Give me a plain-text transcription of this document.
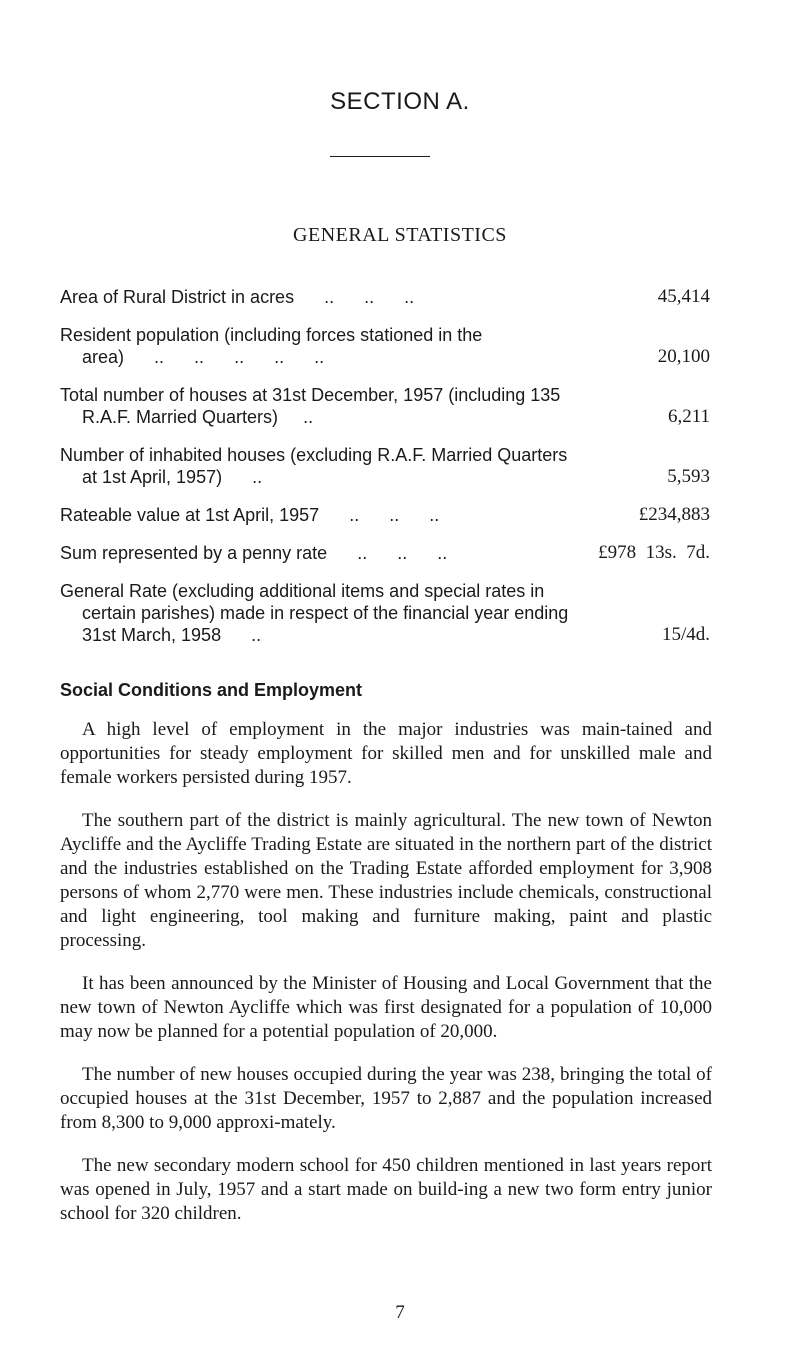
SECTION A.
GENERAL STATISTICS
Area of Rural District in acres ..      ..      ..	45,414
Resident population (including forces stationed in the area) ..      ..      ..      ..      ..	20,100
Total number of houses at 31st December, 1957 (including 135 R.A.F. Married Quarters) ..	6,211
Number of inhabited houses (excluding R.A.F. Married Quarters at 1st April, 1957) ..	5,593
Rateable value at 1st April, 1957 ..      ..      ..	£234,883
Sum represented by a penny rate ..      ..      ..	£978  13s.  7d.
General Rate (excluding additional items and special rates in certain parishes) made in respect of the financial year ending 31st March, 1958 ..	15/4d.

Social Conditions and Employment

A high level of employment in the major industries was main-tained and opportunities for steady employment for skilled men and for unskilled male and female workers persisted during 1957.

The southern part of the district is mainly agricultural. The new town of Newton Aycliffe and the Aycliffe Trading Estate are situated in the northern part of the district and the industries established on the Trading Estate afforded employment for 3,908 persons of whom 2,770 were men. These industries include chemicals, constructional and light engineering, tool making and furniture making, paint and plastic processing.

It has been announced by the Minister of Housing and Local Government that the new town of Newton Aycliffe which was first designated for a population of 10,000 may now be planned for a potential population of 20,000.

The number of new houses occupied during the year was 238, bringing the total of occupied houses at the 31st December, 1957 to 2,887 and the population increased from 8,300 to 9,000 approxi-mately.

The new secondary modern school for 450 children mentioned in last years report was opened in July, 1957 and a start made on build-ing a new two form entry junior school for 320 children.

7
